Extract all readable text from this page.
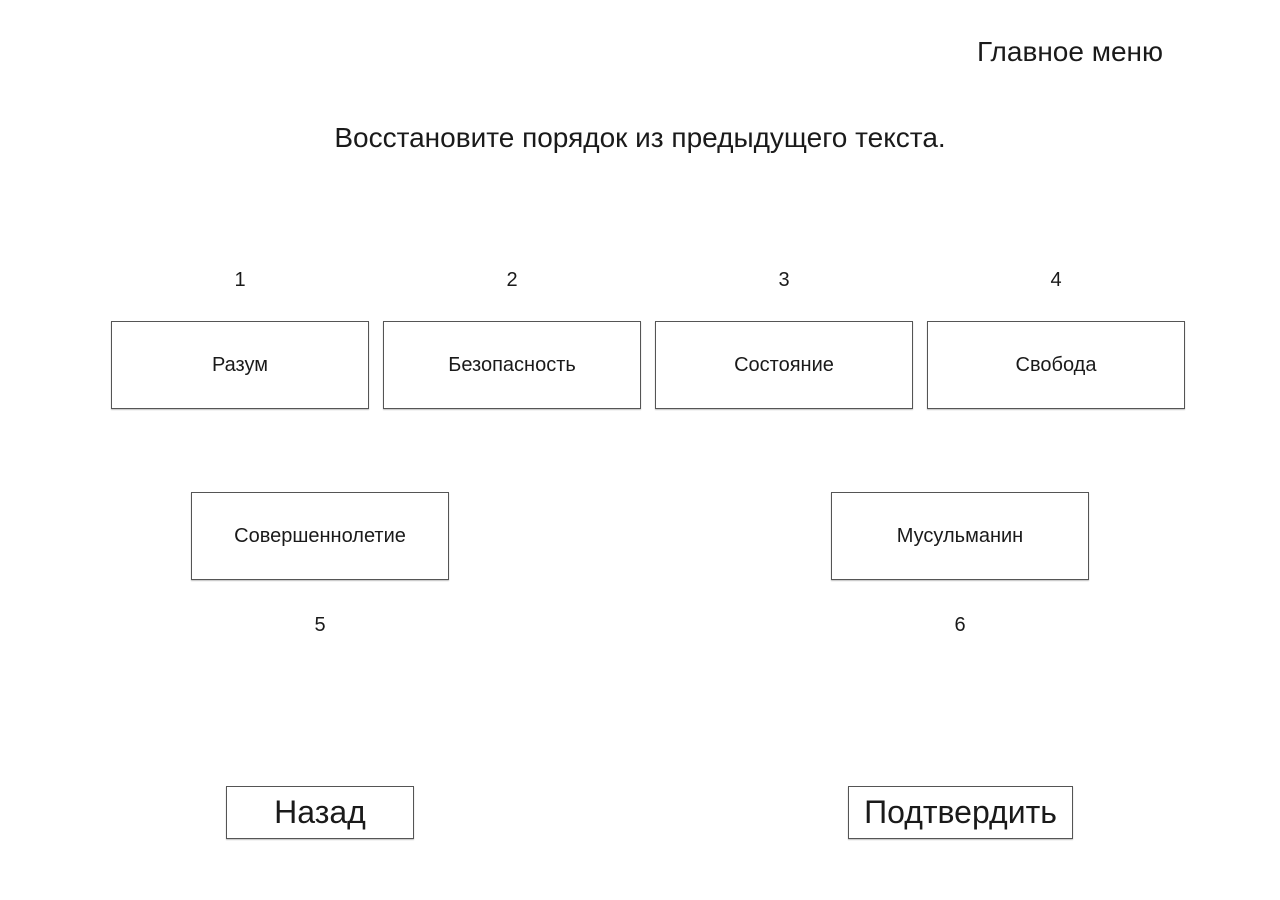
Главное меню
Восстановите порядок из предыдущего текста.
1	2	3	4
Разум	Безопасность	Состояние	Свобода
Совершеннолетие	Мусульманин
5	6
Назад	Подтвердить
